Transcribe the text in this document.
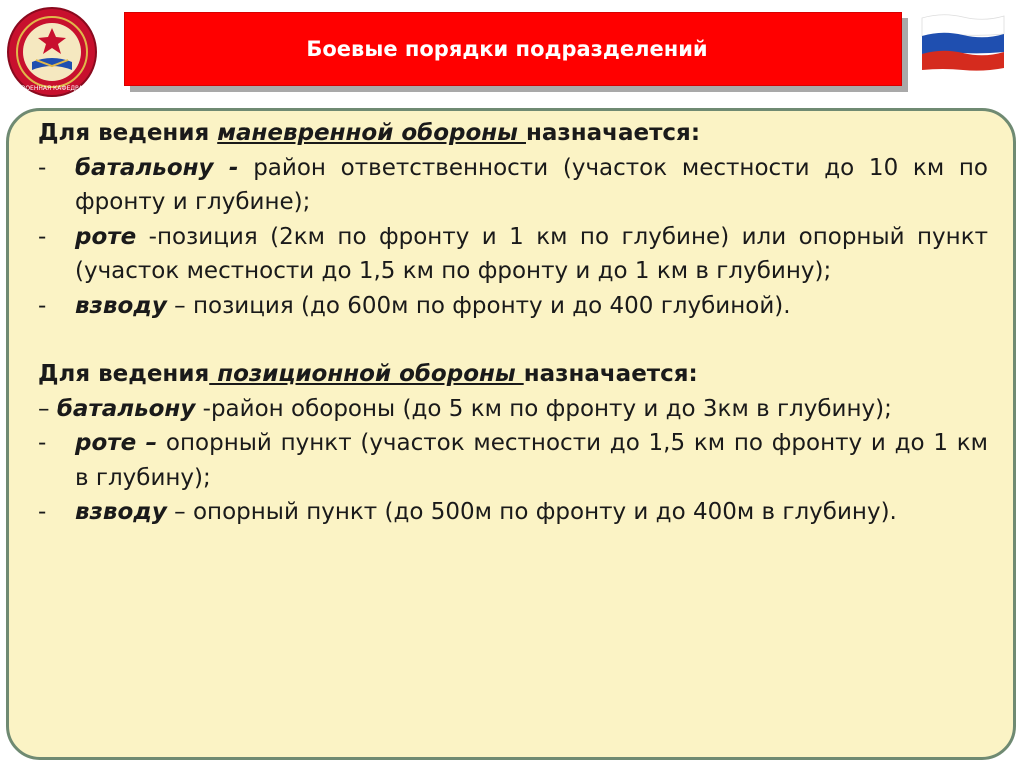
ВОЕННАЯ КАФЕДРА
Боевые порядки подразделений

Для ведения маневренной обороны назначается:

-	батальону - район ответственности (участок местности до 10 км по фронту и глубине);
-	роте -позиция (2км по фронту и 1 км по глубине) или опорный пункт (участок местности до 1,5 км по фронту и до 1 км в глубину);
-	взводу – позиция (до 600м по фронту и до 400 глубиной).

Для ведения позиционной обороны назначается:

– батальону -район обороны (до 5 км по фронту и до 3км в глубину);

-	роте – опорный пункт (участок местности до 1,5 км по фронту и до 1 км в глубину);
-	взводу – опорный пункт (до 500м по фронту и до 400м в глубину).
